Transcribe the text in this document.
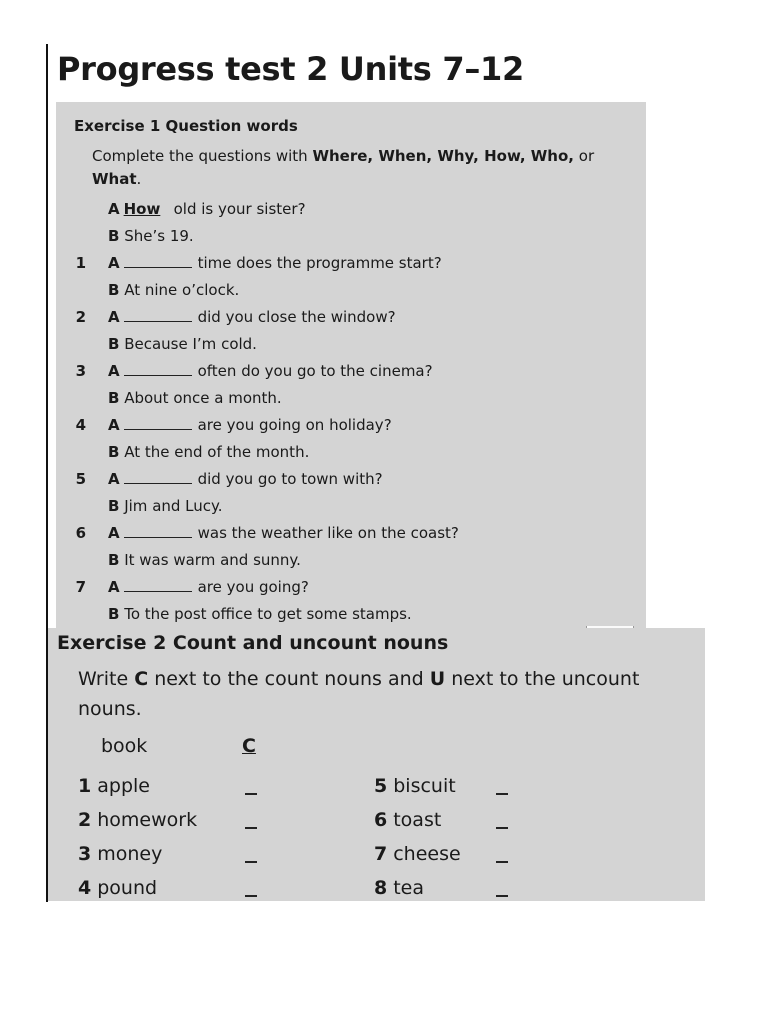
Progress test 2 Units 7–12
Exercise 1 Question words
Complete the questions with Where, When, Why, How, Who, or What.
A How old is your sister?
B She’s 19.
1 A	time does the programme start?
B At nine o’clock.
2 A	did you close the window?
B Because I’m cold.
3 A	often do you go to the cinema?
B About once a month.
4 A	are you going on holiday?
B At the end of the month.
5 A	did you go to town with?
B Jim and Lucy.
6 A	was the weather like on the coast?
B It was warm and sunny.
7 A	are you going?
B To the post office to get some stamps.
Exercise 2 Count and uncount nouns
Write C next to the count nouns and U next to the uncount nouns.
book	C
1 apple	5 biscuit
2 homework	6 toast
3 money	7 cheese
4 pound	8 tea
